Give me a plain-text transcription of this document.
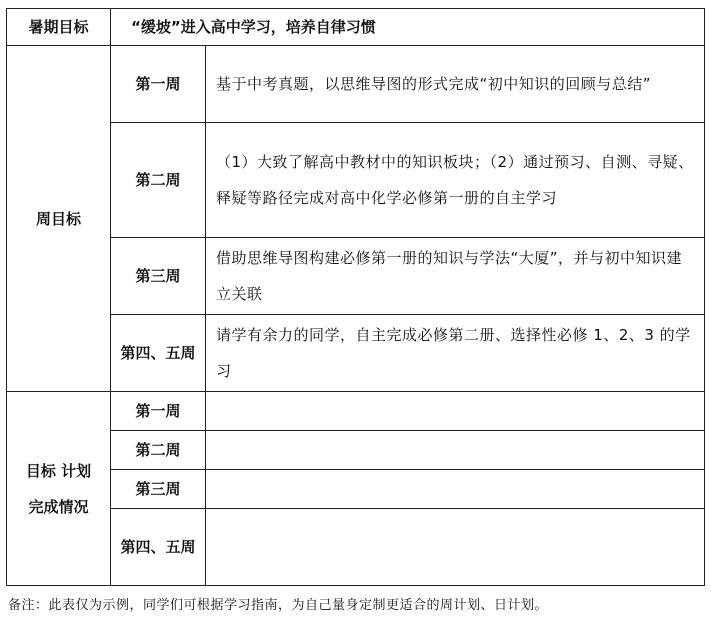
暑期目标	“缓坡”进入高中学习，培养自律习惯	
周目标	第一周	基于中考真题，以思维导图的形式完成“初中知识的回顾与总结”
	第二周	（1）大致了解高中教材中的知识板块；（2）通过预习、自测、寻疑、释疑等路径完成对高中化学必修第一册的自主学习
	第三周	借助思维导图构建必修第一册的知识与学法“大厦”，并与初中知识建立关联
	第四、五周	请学有余力的同学，自主完成必修第二册、选择性必修 1、2、3 的学习
目标 计划 完成情况	第一周	
	第二周	
	第三周	
	第四、五周	
备注：此表仅为示例，同学们可根据学习指南，为自己量身定制更适合的周计划、日计划。
